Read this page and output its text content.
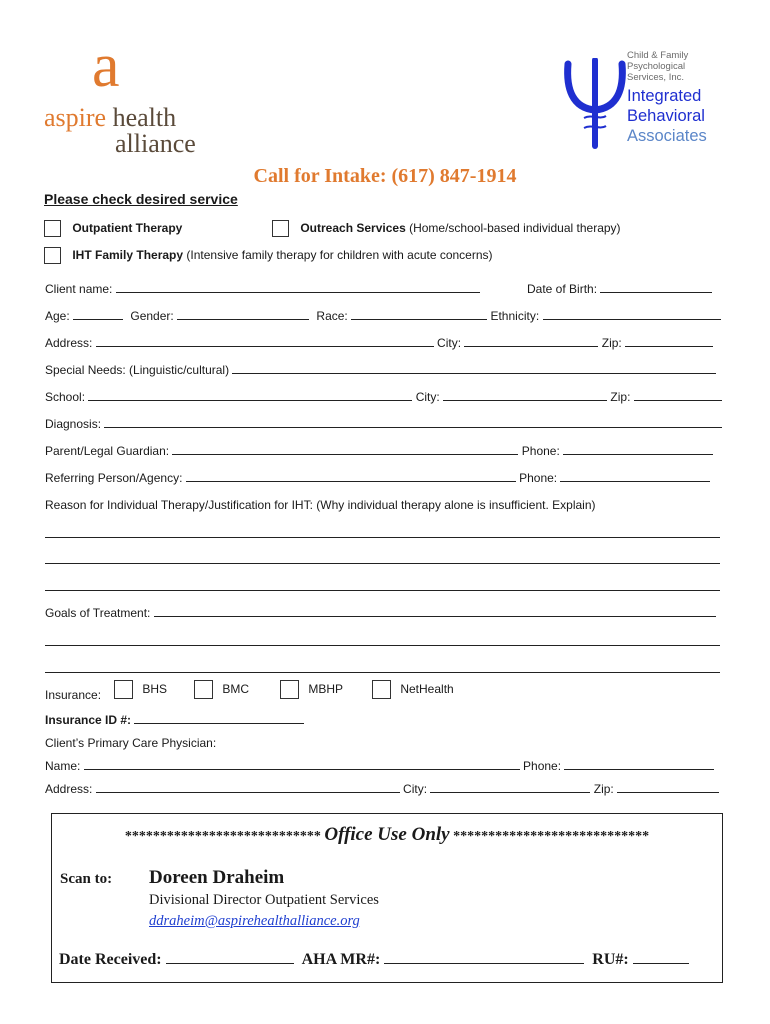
a
aspire health
alliance
Child & Family
Psychological
Services, Inc.
Integrated
Behavioral
Associates
Call for Intake: (617) 847-1914
Please check desired service
Outpatient Therapy	Outreach Services (Home/school-based individual therapy)
IHT Family Therapy (Intensive family therapy for children with acute concerns)
Client name:	Date of Birth:
Age:	Gender:	Race:	Ethnicity:
Address:	City:	Zip:
Special Needs: (Linguistic/cultural)
School:	City:	Zip:
Diagnosis:
Parent/Legal Guardian:	Phone:
Referring Person/Agency:	Phone:
Reason for Individual Therapy/Justification for IHT: (Why individual therapy alone is insufficient. Explain)
Goals of Treatment:
Insurance:	BHS	BMC	MBHP	NetHealth
Insurance ID #:
Client’s Primary Care Physician:
Name:	Phone:
Address:	City:	Zip:
**************************** Office Use Only ****************************
Scan to: Doreen Draheim
Divisional Director Outpatient Services
ddraheim@aspirehealthalliance.org
Date Received:	AHA MR#:	RU#:
